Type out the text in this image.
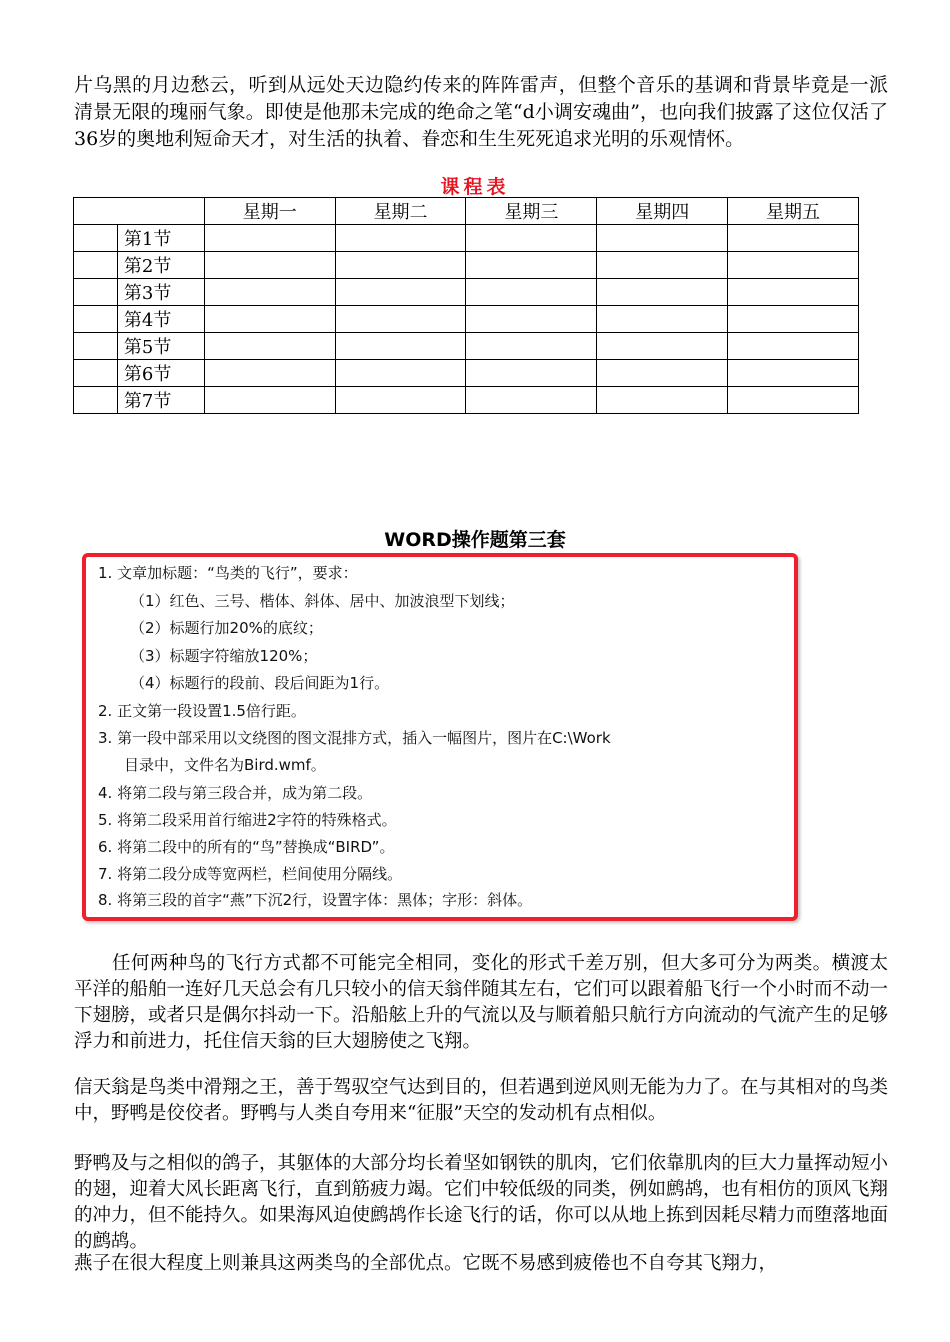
片乌黑的月边愁云，听到从远处天边隐约传来的阵阵雷声，但整个音乐的基调和背景毕竟是一派清景无限的瑰丽气象。即使是他那未完成的绝命之笔“d小调安魂曲”，也向我们披露了这位仅活了36岁的奥地利短命天才，对生活的执着、眷恋和生生死死追求光明的乐观情怀。

课程表
		星期一	星期二	星期三	星期四	星期五
	第1节					
	第2节					
	第3节					
	第4节					
	第5节					
	第6节					
	第7节					
WORD操作题第三套
1. 文章加标题：“鸟类的飞行”，要求：
（1）红色、三号、楷体、斜体、居中、加波浪型下划线；
（2）标题行加20%的底纹；
（3）标题字符缩放120%；
（4）标题行的段前、段后间距为1行。
2. 正文第一段设置1.5倍行距。
3. 第一段中部采用以文绕图的图文混排方式，插入一幅图片，图片在C:\Work
目录中，文件名为Bird.wmf。
4. 将第二段与第三段合并，成为第二段。
5. 将第二段采用首行缩进2字符的特殊格式。
6. 将第二段中的所有的“鸟”替换成“BIRD”。
7. 将第二段分成等宽两栏，栏间使用分隔线。
8. 将第三段的首字“燕”下沉2行，设置字体：黑体；字形：斜体。

任何两种鸟的飞行方式都不可能完全相同，变化的形式千差万别，但大多可分为两类。横渡太平洋的船舶一连好几天总会有几只较小的信天翁伴随其左右，它们可以跟着船飞行一个小时而不动一下翅膀，或者只是偶尔抖动一下。沿船舷上升的气流以及与顺着船只航行方向流动的气流产生的足够浮力和前进力，托住信天翁的巨大翅膀使之飞翔。

信天翁是鸟类中滑翔之王，善于驾驭空气达到目的，但若遇到逆风则无能为力了。在与其相对的鸟类中，野鸭是佼佼者。野鸭与人类自夸用来“征服”天空的发动机有点相似。

野鸭及与之相似的鸽子，其躯体的大部分均长着坚如钢铁的肌肉，它们依靠肌肉的巨大力量挥动短小的翅，迎着大风长距离飞行，直到筋疲力竭。它们中较低级的同类，例如鹧鸪，也有相仿的顶风飞翔的冲力，但不能持久。如果海风迫使鹧鸪作长途飞行的话，你可以从地上拣到因耗尽精力而堕落地面的鹧鸪。

燕子在很大程度上则兼具这两类鸟的全部优点。它既不易感到疲倦也不自夸其飞翔力，
